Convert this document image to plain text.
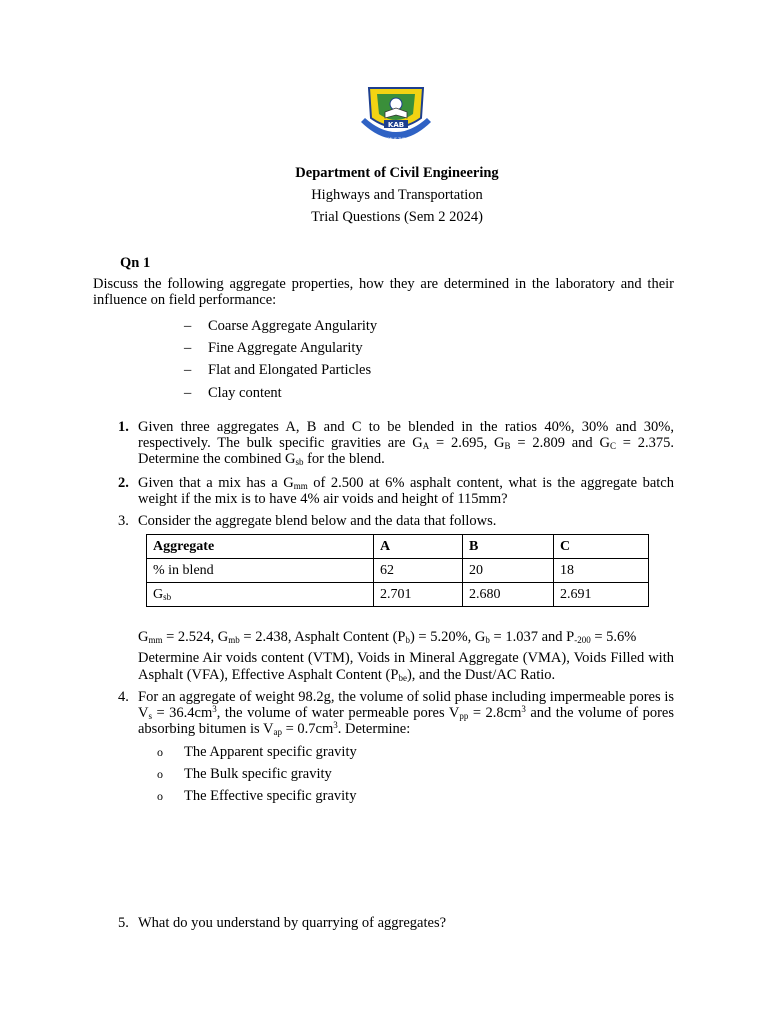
KAB
EDUCATION IS THE FUTURE
Department of Civil Engineering
Highways and Transportation
Trial Questions (Sem 2 2024)
Qn 1
Discuss the following aggregate properties, how they are determined in the laboratory and their influence on field performance:
–	Coarse Aggregate Angularity
–	Fine Aggregate Angularity
–	Flat and Elongated Particles
–	Clay content
1. Given three aggregates A, B and C to be blended in the ratios 40%, 30% and 30%, respectively. The bulk specific gravities are $G_A = 2.695$, $G_B = 2.809$ and $G_C = 2.375$. Determine the combined $G_{sb}$ for the blend.
2. Given that a mix has a $G_{mm}$ of 2.500 at 6% asphalt content, what is the aggregate batch weight if the mix is to have 4% air voids and height of 115mm?
3. Consider the aggregate blend below and the data that follows.
Aggregate	A	B	C
% in blend	62	20	18
$G_{sb}$	2.701	2.680	2.691
$G_{mm} = 2.524$, $G_{mb} = 2.438$, Asphalt Content $(P_b) = 5.20\%$, $G_b = 1.037$ and $P_{-200} = 5.6\%$
Determine Air voids content (VTM), Voids in Mineral Aggregate (VMA), Voids Filled with Asphalt (VFA), Effective Asphalt Content $(P_{be})$, and the Dust/AC Ratio.
4. For an aggregate of weight 98.2g, the volume of solid phase including impermeable pores is $V_s = 36.4cm^3$, the volume of water permeable pores $V_{pp} = 2.8cm^3$ and the volume of pores absorbing bitumen is $V_{ap} = 0.7cm^3$. Determine:
o	The Apparent specific gravity
o	The Bulk specific gravity
o	The Effective specific gravity
5. What do you understand by quarrying of aggregates?
